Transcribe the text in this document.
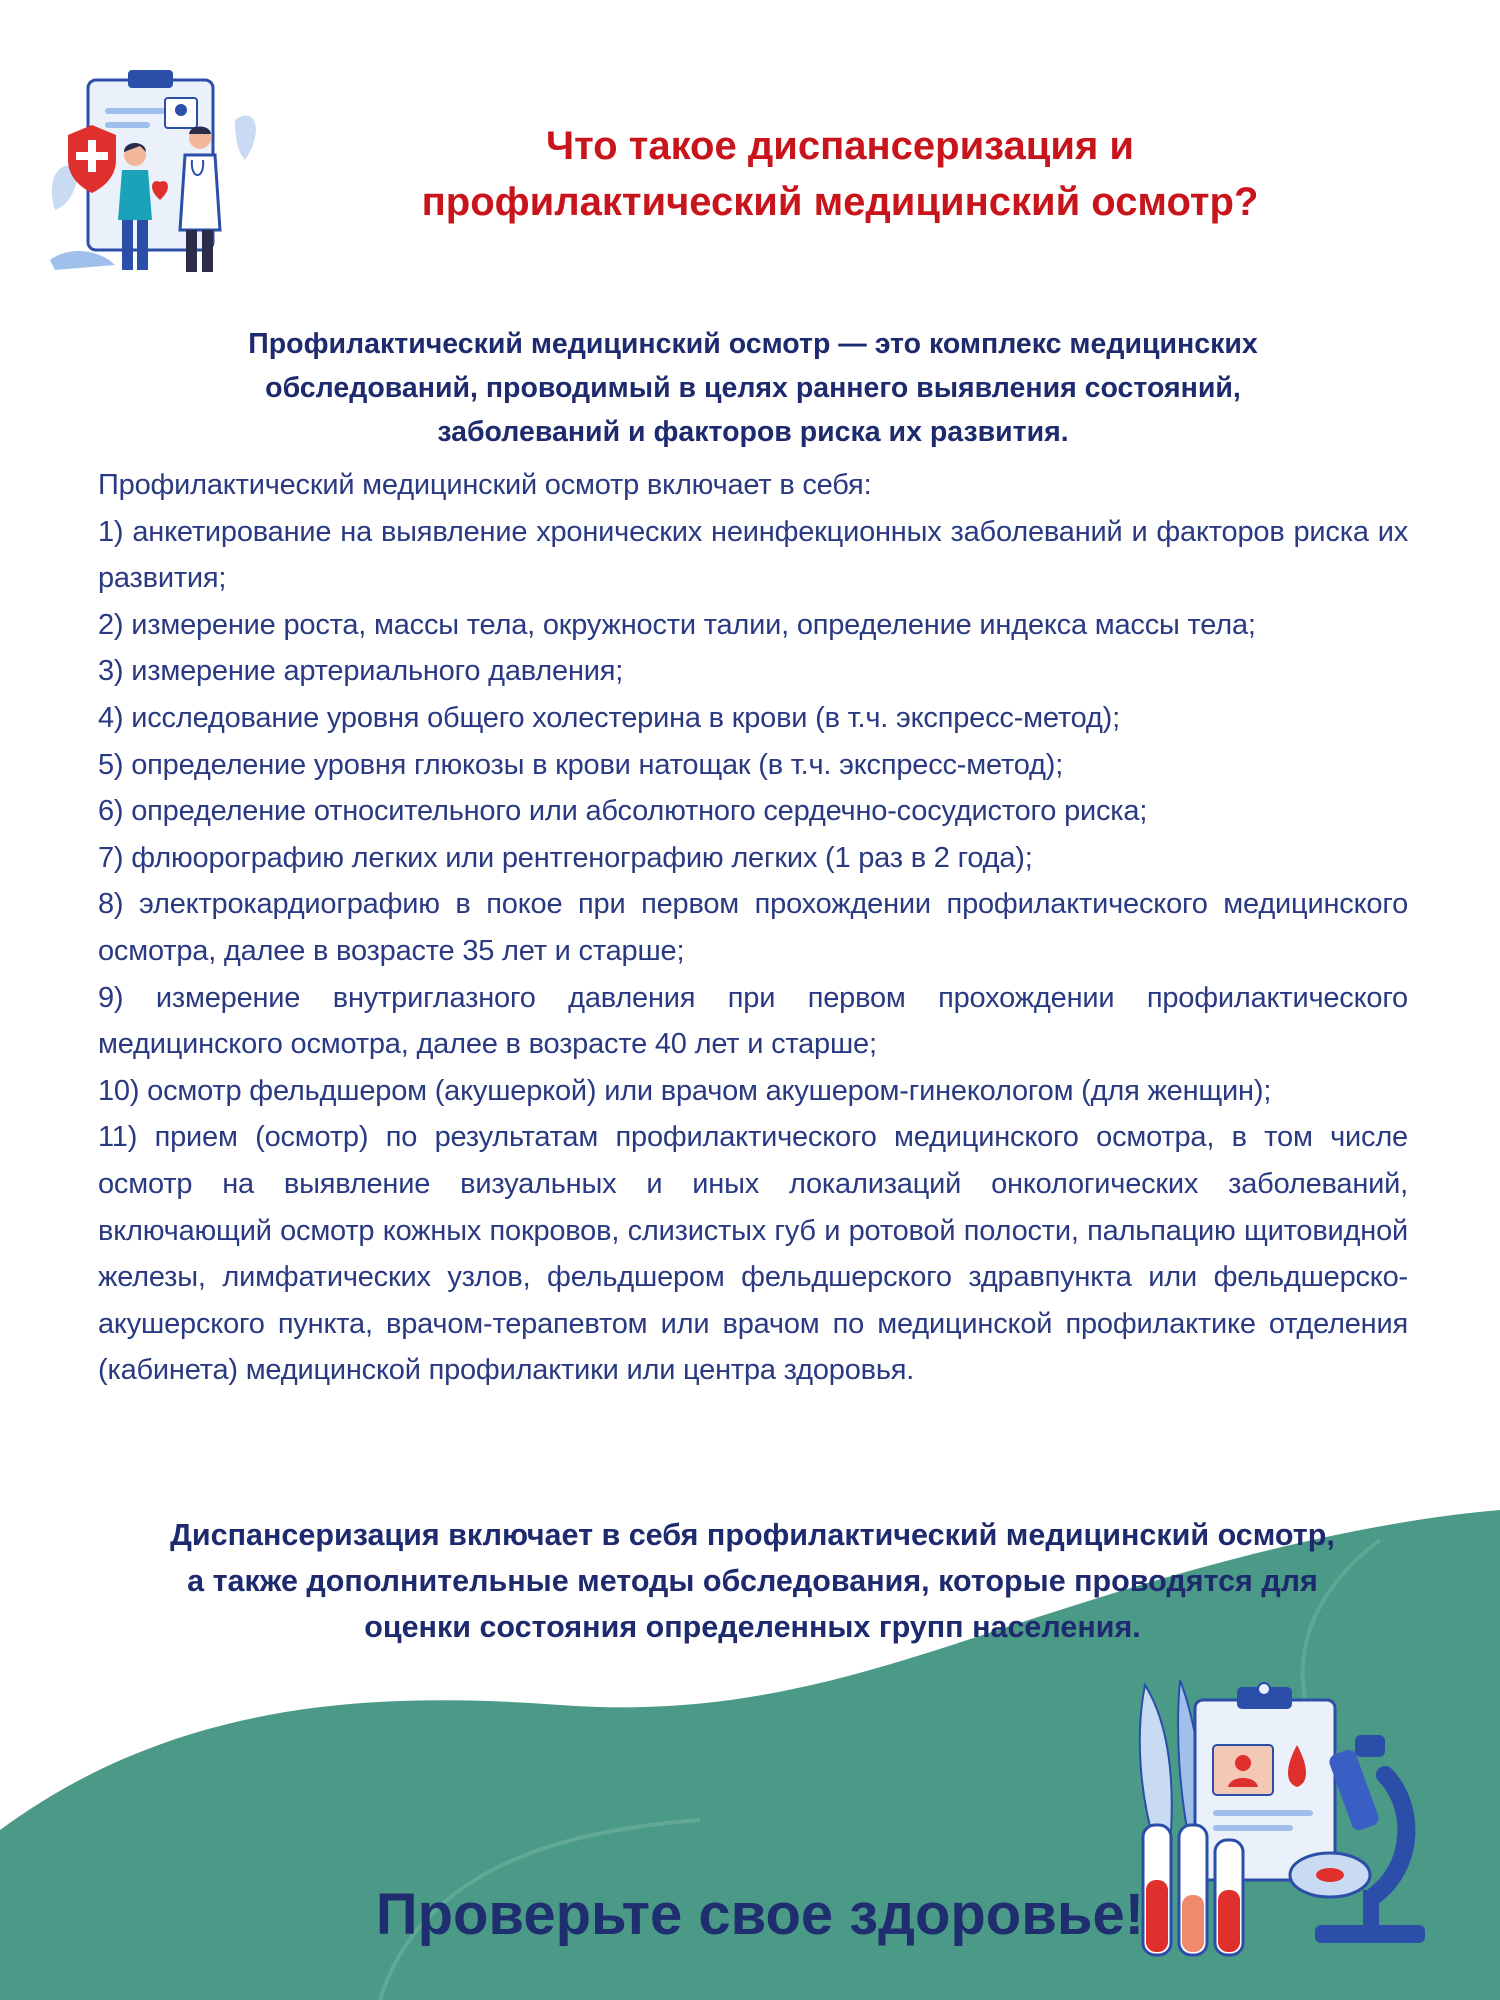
Что такое диспансеризация и
профилактический медицинский осмотр?
Профилактический медицинский осмотр — это комплекс медицинских
обследований, проводимый в целях раннего выявления состояний,
заболеваний и факторов риска их развития.

Профилактический медицинский осмотр включает в себя:

1) анкетирование на выявление хронических неинфекционных заболеваний и факторов риска их развития;

2) измерение роста, массы тела, окружности талии, определение индекса массы тела;

3) измерение артериального давления;

4) исследование уровня общего холестерина в крови (в т.ч. экспресс-метод);

5) определение уровня глюкозы в крови натощак (в т.ч. экспресс-метод);

6) определение относительного или абсолютного сердечно-сосудистого риска;

7) флюорографию легких или рентгенографию легких (1 раз в 2 года);

8) электрокардиографию в покое при первом прохождении профилактического медицинского осмотра, далее в возрасте 35 лет и старше;

9) измерение внутриглазного давления при первом прохождении профилактического медицинского осмотра, далее в возрасте 40 лет и старше;

10) осмотр фельдшером (акушеркой) или врачом акушером-гинекологом (для женщин);

11) прием (осмотр) по результатам профилактического медицинского осмотра, в том числе осмотр на выявление визуальных и иных локализаций онкологических заболеваний, включающий осмотр кожных покровов, слизистых губ и ротовой полости, пальпацию щитовидной железы, лимфатических узлов, фельдшером фельдшерского здравпункта или фельдшерско-акушерского пункта, врачом-терапевтом или врачом по медицинской профилактике отделения (кабинета) медицинской профилактики или центра здоровья.

Диспансеризация включает в себя профилактический медицинский осмотр,
а также дополнительные методы обследования, которые проводятся для
оценки состояния определенных групп населения.
Проверьте свое здоровье!
